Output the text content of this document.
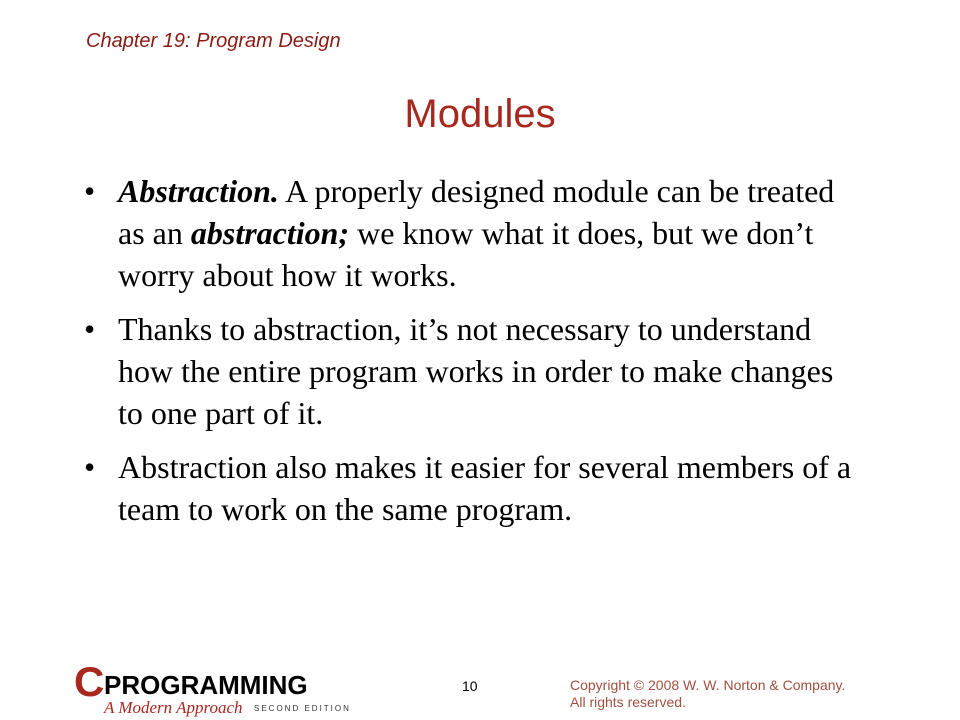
Chapter 19: Program Design
Modules
• Abstraction. A properly designed module can be treated as an abstraction; we know what it does, but we don’t worry about how it works.
• Thanks to abstraction, it’s not necessary to understand how the entire program works in order to make changes to one part of it.
• Abstraction also makes it easier for several members of a team to work on the same program.
C PROGRAMMING
A Modern Approach SECOND EDITION
10	Copyright © 2008 W. W. Norton & Company.
All rights reserved.
